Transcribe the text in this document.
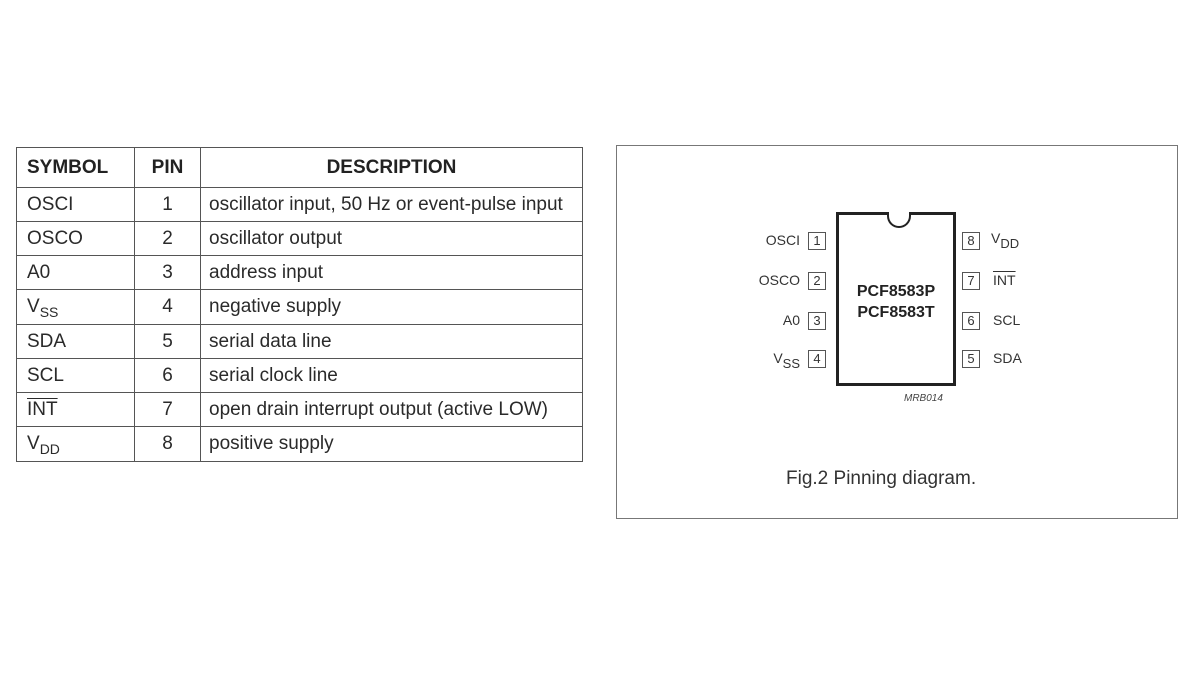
SYMBOL	PIN	DESCRIPTION
OSCI	1	oscillator input, 50 Hz or event-pulse input
OSCO	2	oscillator output
A0	3	address input
$V_{SS}$	4	negative supply
SDA	5	serial data line
SCL	6	serial clock line
$\overline{INT}$	7	open drain interrupt output (active LOW)
$V_{DD}$	8	positive supply
PCF8583P
PCF8583T
OSCI	1
OSCO	2
A0	3
VSS	4
8	VDD
7	$\overline{INT}$
6	SCL
5	SDA
MRB014
Fig.2 Pinning diagram.
